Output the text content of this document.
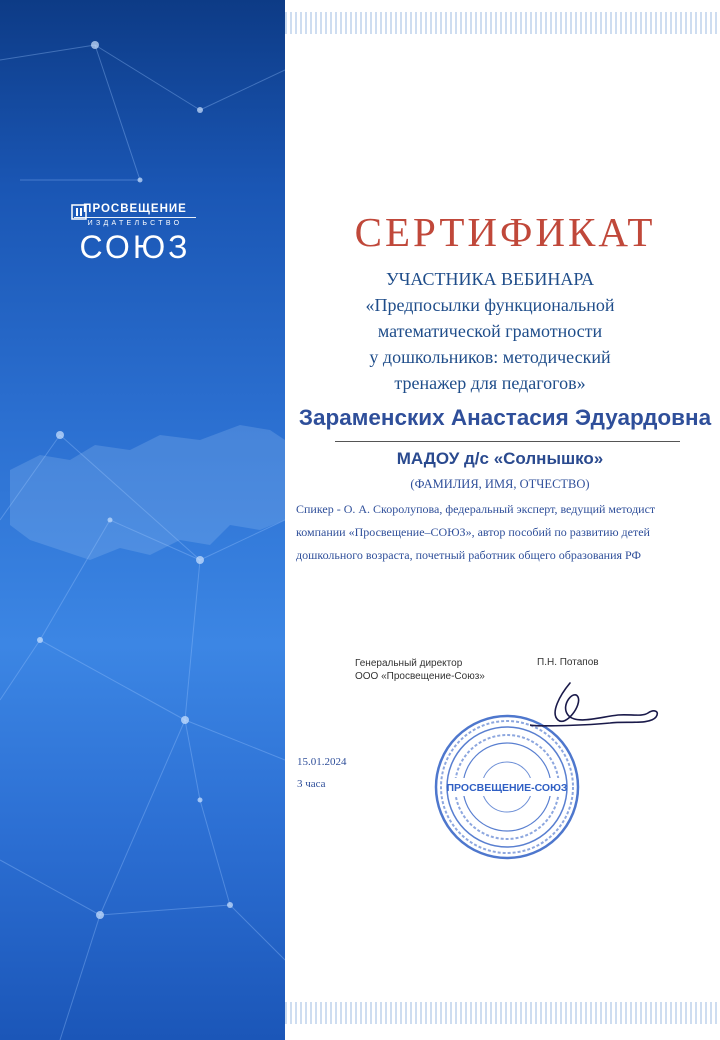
ПРОСВЕЩЕНИЕ
ИЗДАТЕЛЬСТВО
СОЮЗ	СЕРТИФИКАТ
УЧАСТНИКА ВЕБИНАРА
«Предпосылки функциональной
математической грамотности
у дошкольников: методический
тренажер для педагогов»
Зараменских Анастасия Эдуардовна
МАДОУ д/с «Солнышко»
(ФАМИЛИЯ, ИМЯ, ОТЧЕСТВО)
Спикер - О. А. Скоролупова, федеральный эксперт, ведущий методист
компании «Просвещение–СОЮЗ», автор пособий по развитию детей
дошкольного возраста, почетный работник общего образования РФ
Генеральный директор
ООО «Просвещение-Союз»
П.Н. Потапов
15.01.2024
3 часа	ПРОСВЕЩЕНИЕ-СОЮЗ
